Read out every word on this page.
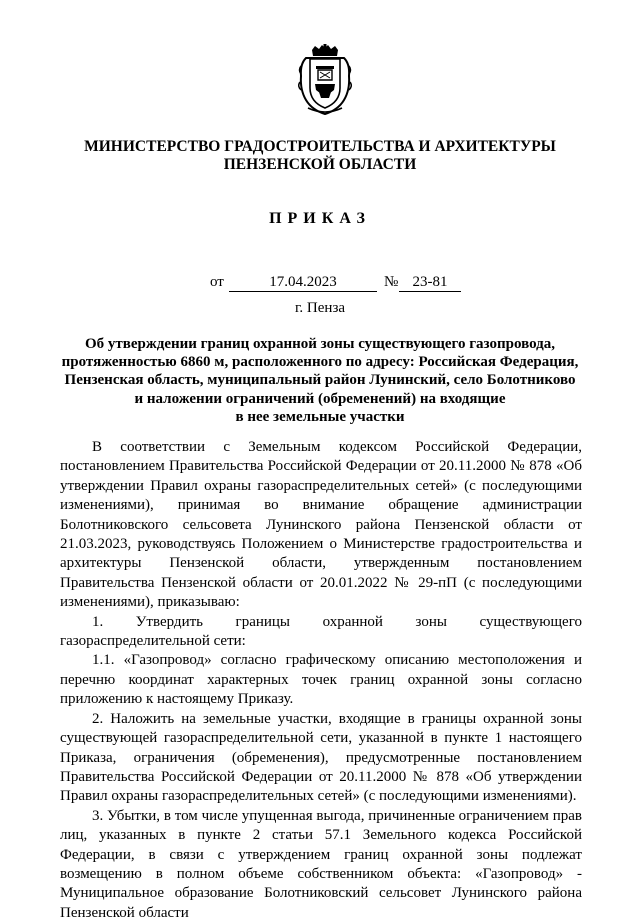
МИНИСТЕРСТВО ГРАДОСТРОИТЕЛЬСТВА И АРХИТЕКТУРЫ
ПЕНЗЕНСКОЙ ОБЛАСТИ
ПРИКАЗ
от	17.04.2023	№ 23-81
г. Пенза
Об утверждении границ охранной зоны существующего газопровода,
протяженностью 6860 м, расположенного по адресу: Российская Федерация,
Пензенская область, муниципальный район Лунинский, село Болотниково
и наложении ограничений (обременений) на входящие
в нее земельные участки

В соответствии с Земельным кодексом Российской Федерации, постановлением Правительства Российской Федерации от 20.11.2000 № 878 «Об утверждении Правил охраны газораспределительных сетей» (с последующими изменениями), принимая во внимание обращение администрации Болотниковского сельсовета Лунинского района Пензенской области от 21.03.2023, руководствуясь Положением о Министерстве градостроительства и архитектуры Пензенской области, утвержденным постановлением Правительства Пензенской области от 20.01.2022 № 29-пП (с последующими изменениями), приказываю:

1. Утвердить границы охранной зоны существующего газораспределительной сети:

1.1. «Газопровод» согласно графическому описанию местоположения и перечню координат характерных точек границ охранной зоны согласно приложению к настоящему Приказу.

2. Наложить на земельные участки, входящие в границы охранной зоны существующей газораспределительной сети, указанной в пункте 1 настоящего Приказа, ограничения (обременения), предусмотренные постановлением Правительства Российской Федерации от 20.11.2000 № 878 «Об утверждении Правил охраны газораспределительных сетей» (с последующими изменениями).

3. Убытки, в том числе упущенная выгода, причиненные ограничением прав лиц, указанных в пункте 2 статьи 57.1 Земельного кодекса Российской Федерации, в связи с утверждением границ охранной зоны подлежат возмещению в полном объеме собственником объекта: «Газопровод» - Муниципальное образование Болотниковский сельсовет Лунинского района Пензенской области
